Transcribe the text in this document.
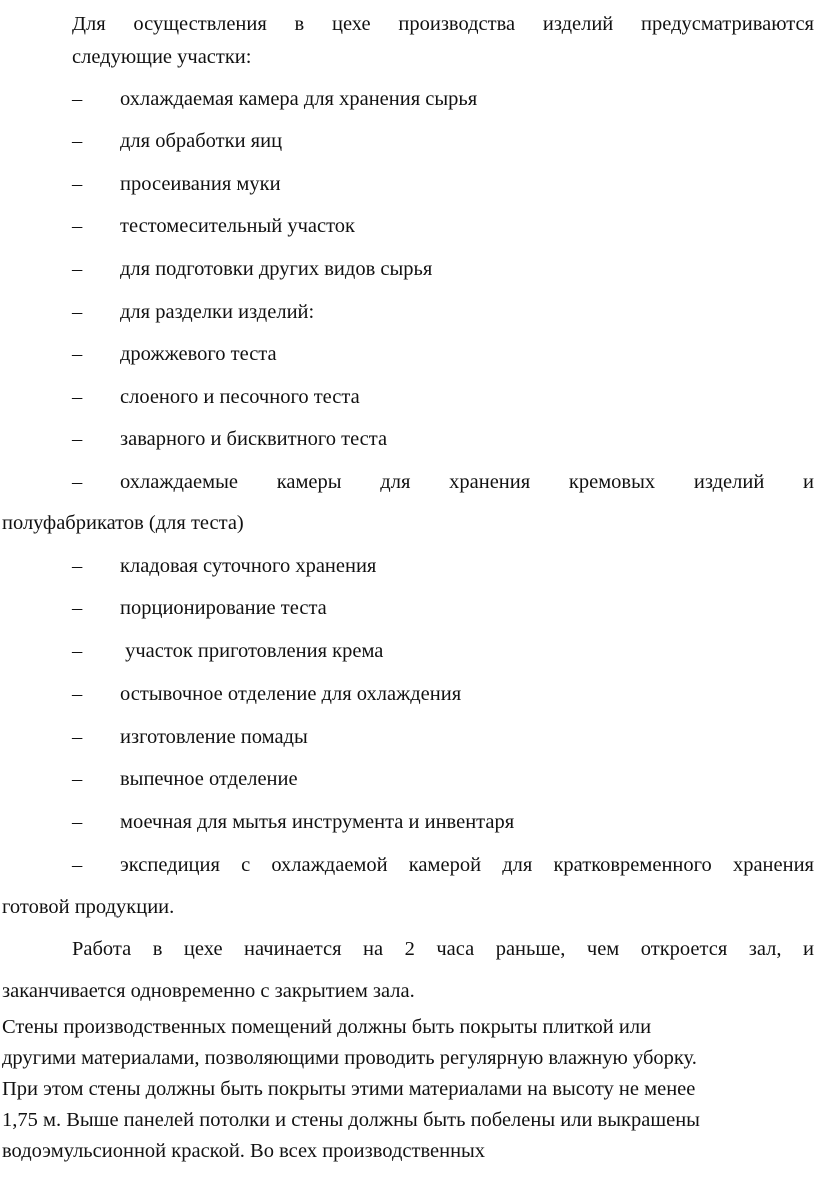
Для осуществления в цехе производства изделий предусматриваются
следующие участки:
– охлаждаемая камера для хранения сырья
– для обработки яиц
– просеивания муки
– тестомесительный участок
– для подготовки других видов сырья
– для разделки изделий:
– дрожжевого теста
– слоеного и песочного теста
– заварного и бисквитного теста
– охлаждаемые камеры для хранения кремовых изделий и
полуфабрикатов (для теста)
– кладовая суточного хранения
– порционирование теста
– участок приготовления крема
– остывочное отделение для охлаждения
– изготовление помады
– выпечное отделение
– моечная для мытья инструмента и инвентаря
– экспедиция с охлаждаемой камерой для кратковременного хранения
готовой продукции.
Работа в цехе начинается на 2 часа раньше, чем откроется зал, и
заканчивается одновременно с закрытием зала.
Стены производственных помещений должны быть покрыты плиткой или
другими материалами, позволяющими проводить регулярную влажную уборку.
При этом стены должны быть покрыты этими материалами на высоту не менее
1,75 м. Выше панелей потолки и стены должны быть побелены или выкрашены
водоэмульсионной краской. Во всех производственных
